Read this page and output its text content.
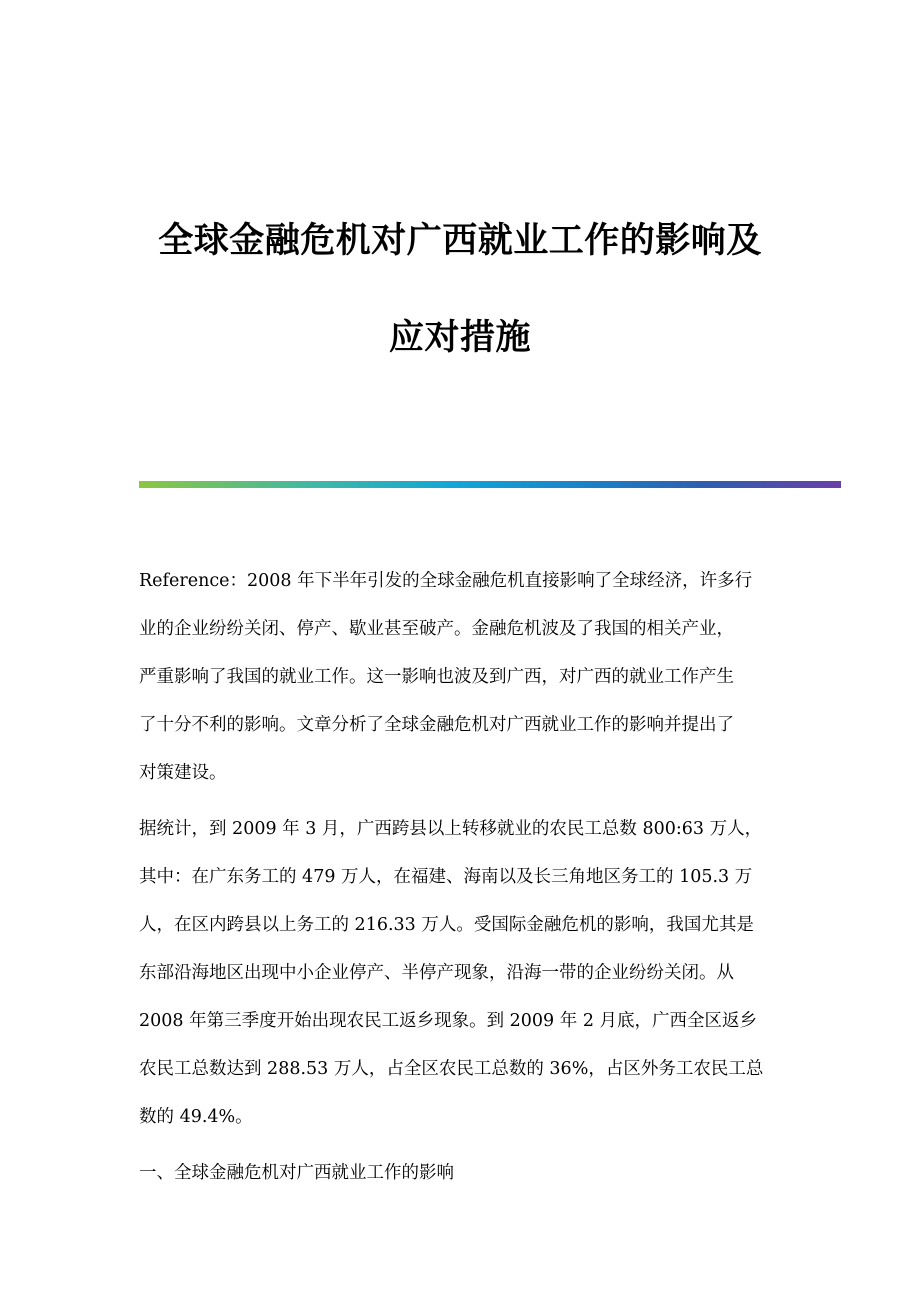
全球金融危机对广西就业工作的影响及
应对措施
Reference：2008 年下半年引发的全球金融危机直接影响了全球经济，许多行
业的企业纷纷关闭、停产、歇业甚至破产。金融危机波及了我国的相关产业，
严重影响了我国的就业工作。这一影响也波及到广西，对广西的就业工作产生
了十分不利的影响。文章分析了全球金融危机对广西就业工作的影响并提出了
对策建设。
据统计，到 2009 年 3 月，广西跨县以上转移就业的农民工总数 800:63 万人，
其中：在广东务工的 479 万人，在福建、海南以及长三角地区务工的 105.3 万
人，在区内跨县以上务工的 216.33 万人。受国际金融危机的影响，我国尤其是
东部沿海地区出现中小企业停产、半停产现象，沿海一带的企业纷纷关闭。从
2008 年第三季度开始出现农民工返乡现象。到 2009 年 2 月底，广西全区返乡
农民工总数达到 288.53 万人，占全区农民工总数的 36%，占区外务工农民工总
数的 49.4%。
一、全球金融危机对广西就业工作的影响
